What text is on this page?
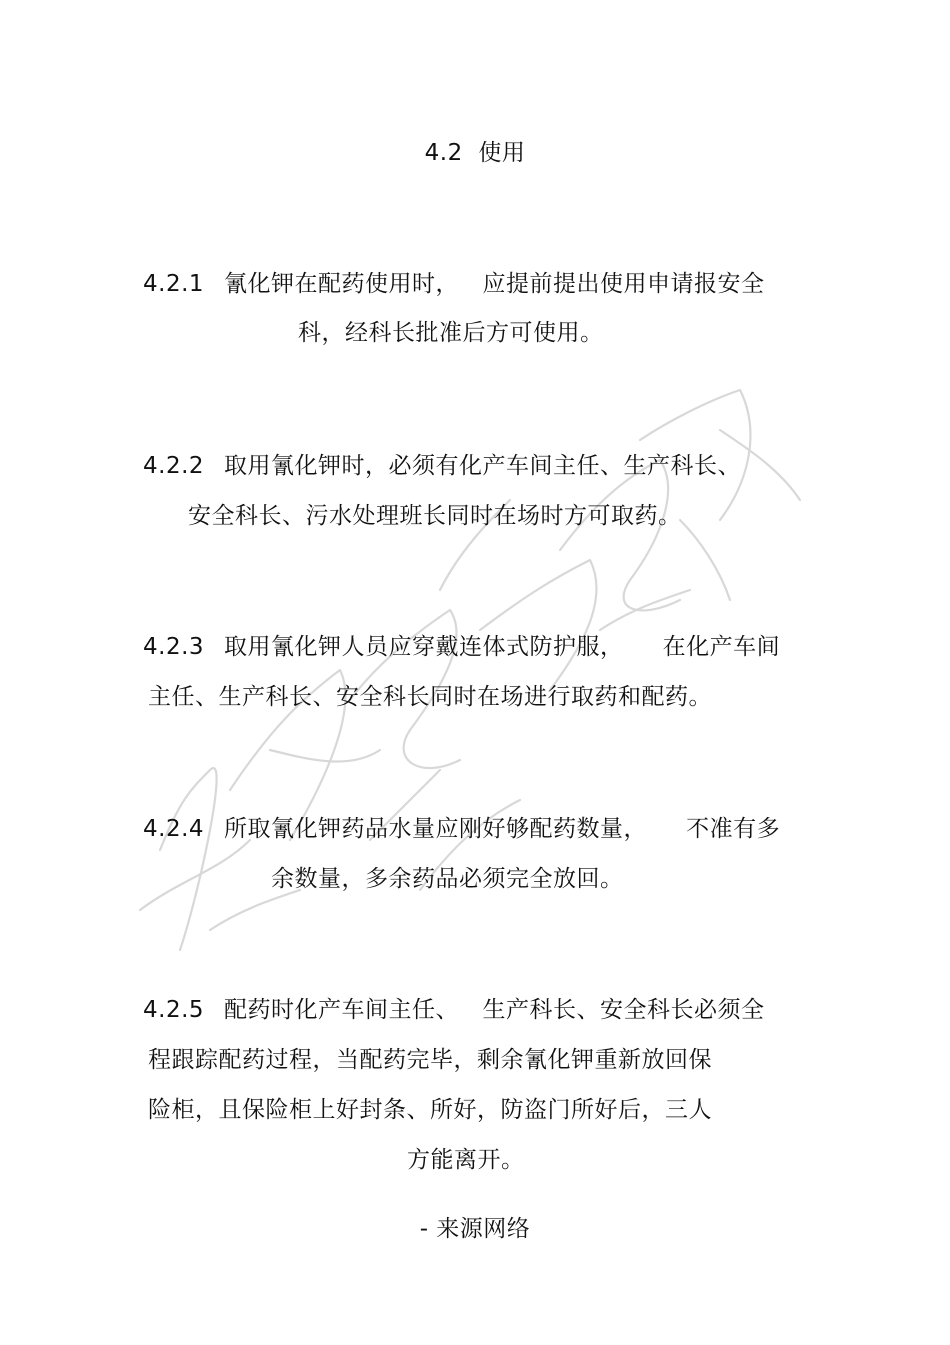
4.2  使用
4.2.1 氰化钾在配药使用时，   应提前提出使用申请报安全
科，经科长批准后方可使用。
4.2.2 取用氰化钾时，必须有化产车间主任、生产科长、
安全科长、污水处理班长同时在场时方可取药。
4.2.3 取用氰化钾人员应穿戴连体式防护服，     在化产车间
主任、生产科长、安全科长同时在场进行取药和配药。
4.2.4 所取氰化钾药品水量应刚好够配药数量，     不准有多
余数量，多余药品必须完全放回。
4.2.5 配药时化产车间主任、   生产科长、安全科长必须全
程跟踪配药过程，当配药完毕，剩余氰化钾重新放回保
险柜，且保险柜上好封条、所好，防盗门所好后，三人
方能离开。
- 来源网络
